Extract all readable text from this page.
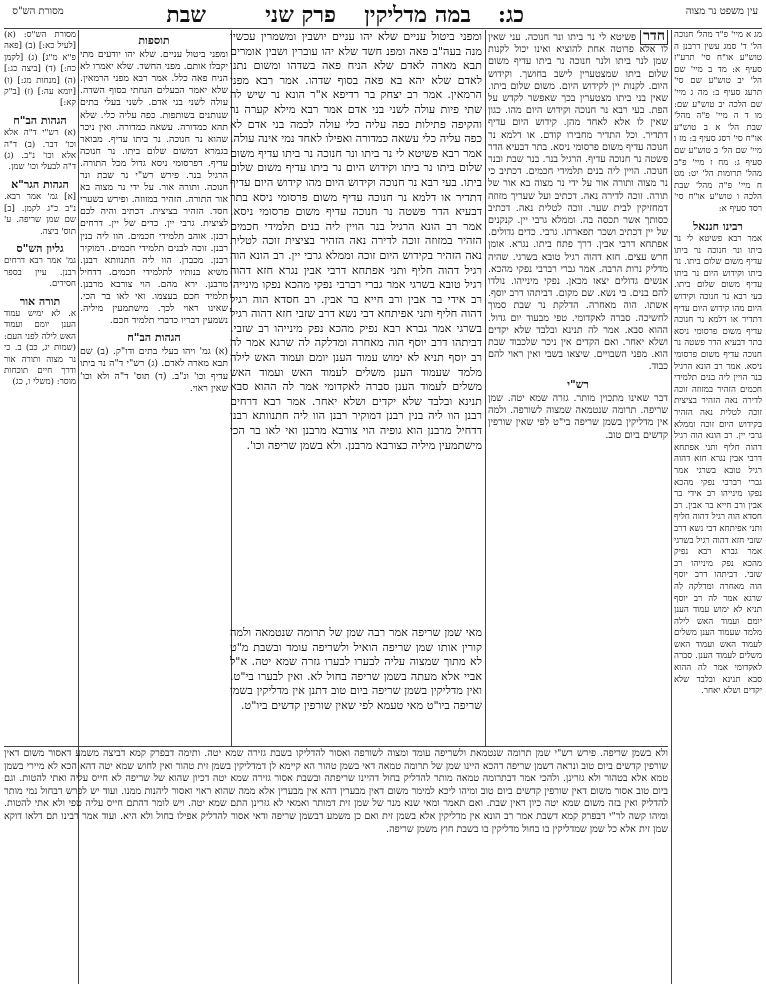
עין משפט נר מצוה
כג:
במה מדליקין
פרק שני
שבת
מסורת הש"ס
מג א מיי' פ"ד מהל' חנוכה הל' ד' סמג עשין דרבנן ה טוש"ע או"ח סי' תרע"ז סעיף א: מד ב מיי' שם הל' יב טוש"ע שם סי' תרעג סעיף ב: מה ג מיי' שם הלכה יב טוש"ע שם: מו ד ה מיי' פ"ה מהל' שבת הל' א ב טוש"ע או"ח סי' רסג סעיף ב: מז ו מיי' שם הל' ב טוש"ע שם סעיף ג: מח ז מיי' פ"ב מהל' תרומות הל' יט: מט ח מיי' פ"ה מהל' שבת הלכה ו טוש"ע או"ח סי' רסד סעיף א:
רבינו חננאל
אמר רבא פשיטא לי נר ביתו ונר חנוכה נר ביתו עדיף משום שלום ביתו. נר ביתו וקידוש היום נר ביתו עדיף משום שלום ביתו. בעי רבא נר חנוכה וקידוש היום מהו קידוש היום עדיף דתדיר או דלמא נר חנוכה עדיף משום פרסומי ניסא בתר דבעיא הדר פשטה נר חנוכה עדיף משום פרסומי ניסא. אמר רב הונא הרגיל בנר הויין ליה בנים תלמידי חכמים הזהיר במזוזה זוכה לדירה נאה הזהיר בציצית זוכה לטלית נאה הזהיר בקידוש היום זוכה וממלא גרבי יין. רב הונא הוה רגיל דהוה חליף ותני אפתחא דרבי אבין נגרא חזא דהוה רגיל טובא בשרגי אמר גברי רברבי נפקי מהכא נפקו מינייהו רב אידי בר אבין ורב חייא בר אבין. רב חסדא הוה רגיל דהוה חליף ותני אפיתחא דבי נשא דרב שזבי חזא דהוה רגיל בשרגי אמר גברא רבא נפיק מהכא נפק מינייהו רב שזבי. דביתהו דרב יוסף הוה מאחרה ומדלקה לה שרגא אמר לה רב יוסף תניא לא ימוש עמוד הענן יומם ועמוד האש לילה מלמד שעמוד הענן משלים לעמוד האש ועמוד האש משלים לעמוד הענן. סברה לאקדומי אמר לה ההוא סבא תנינא ובלבד שלא יקדים ושלא יאחר.
חדר פשיטא לי נר ביתו ונר חנוכה. עני שאין לו אלא פרוטה אחת להוציא ואינו יכול לקנות שמן לנר ביתו ולנר חנוכה נר ביתו עדיף משום שלום ביתו שמצטערין לישב בחושך. וקידוש היום. לקנות יין לקידוש היום. משום שלום ביתו. שאין בני ביתו מצטערין בכך שאפשר לקדש על הפת. בעי רבא נר חנוכה וקידוש היום מהו. כגון שאין לו אלא לאחד מהן. קידוש היום עדיף דתדיר. וכל התדיר מחבירו קודם. או דלמא נר חנוכה עדיף משום פרסומי ניסא. בתר דבעיא הדר פשטה נר חנוכה עדיף. הרגיל בנר. בנר שבת ובנר חנוכה. הויין ליה בנים תלמידי חכמים. דכתיב כי נר מצוה ותורה אור על ידי נר מצוה בא אור של תורה. זוכה לדירה נאה. דכתיב ועל שעריך מזוזה דמחזיקין לבית שער. זוכה לטלית נאה. דכתיב כסותך אשר תכסה בה. וממלא גרבי יין. קנקנים של יין דכתיב ושכר תפארתו. גרבי. כדים גדולים. אפתחא דרבי אבין. דרך פתח ביתו. נגרא. אומן חרש עצים. חזא דהוה רגיל טובא בשרגי. שהיה מדליק נרות הרבה. אמר גברי רברבי נפקי מהכא. אנשים גדולים יצאו מכאן. נפקי מינייהו. נולדו להם בנים. בי נשא. שם מקום. דביתהו דרב יוסף. אשתו. הוה מאחרה. הדלקת נר שבת סמוך לחשיכה. סברה לאקדומי. טפי מבעוד יום גדול. ההוא סבא. אמר לה תנינא ובלבד שלא יקדים ושלא יאחר. ואם הקדים אין ניכר שלכבוד שבת הוא. מפני השבויים. שיצאו בשבי ואין ראוי להם כבוד.
רש"י
דבר שאינו מתכוין מותר. גזרה שמא יטה. שמן שריפה. תרומה שנטמאה שמצוה לשורפה. ולמה אין מדליקין בשמן שריפה בי"ט לפי שאין שורפין קדשים ביום טוב.
ומפני ביטול עניים שלא יהו עניים יושבין ומשמרין עכשיו מנה בעה"ב פאה ומפנ חשד שלא יהו עוברין ושבין אומרים תבא מארה לאדם שלא הניח פאה בשדהו ומשום נתנו לאדם שלא יהא בא פאה בסוף שדהו. אמר רבא מפני הרמאין. אמר רב יצחק בר רדיפא א"ר הונא נר שיש לה שתי פיות עולה לשני בני אדם אמר רבא מילא קערה נר והקיפה פתילות כפה עליה כלי עולה לכמה בני אדם לא כפה עליה כלי עשאה כמדורה ואפילו לאחד נמי אינה עולה. אמר רבא פשיטא לי נר ביתו ונר חנוכה נר ביתו עדיף משום שלום ביתו נר ביתו וקידוש היום נר ביתו עדיף משום שלום ביתו. בעי רבא נר חנוכה וקידוש היום מהו קידוש היום עדיף דתדיר או דלמא נר חנוכה עדיף משום פרסומי ניסא בתר דבעיא הדר פשטה נר חנוכה עדיף משום פרסומי ניסא. אמר רב הונא הרגיל בנר הויין ליה בנים תלמידי חכמים הזהיר במזוזה זוכה לדירה נאה הזהיר בציצית זוכה לטלית נאה הזהיר בקידוש היום זוכה וממלא גרבי יין. רב הונא הוה רגיל דהוה חליף ותני אפתחא דרבי אבין נגרא חזא דהוה רגיל טובא בשרגי אמר גברי רברבי נפקי מהכא נפקו מינייהו רב אידי בר אבין ורב חייא בר אבין. רב חסדא הוה רגיל דהוה חליף ותני אפיתחא דבי נשא דרב שזבי חזא דהוה רגיל בשרגי אמר גברא רבא נפיק מהכא נפק מינייהו רב שזבי. דביתהו דרב יוסף הוה מאחרה ומדלקה לה שרגא אמר לה רב יוסף תניא לא ימוש עמוד הענן יומם ועמוד האש לילה מלמד שעמוד הענן משלים לעמוד האש ועמוד האש משלים לעמוד הענן סברה לאקדומי אמר לה ההוא סבא תנינא ובלבד שלא יקדים ושלא יאחר. אמר רבא דרחים רבנן הוו ליה בנין רבנן דמוקיר רבנן הוו ליה חתנוותא רבנן דדחיל מרבנן הוא גופיה הוי צורבא מרבנן ואי לאו בר הכי מישתמעין מיליה כצורבא מרבנן. ולא בשמן שריפה וכו'.
מאי שמן שריפה אמר רבה שמן של תרומה שנטמאה ולמה קורין אותו שמן שריפה הואיל ולשריפה עומד ובשבת מ"ט לא מתוך שמצוה עליה לבערו לבערו גזרה שמא יטה. א"ל אביי אלא מעתה בשמן שריפה בחול לא. ואין לבערו בי"ט. ואין מדליקין בשמן שריפה ביום טוב דתנן אין מדליקין בשמן שריפה ביו"ט מאי טעמא לפי שאין שורפין קדשים ביו"ט.
תוספות
ומפני ביטול עניים. שלא יהו יודעים מתי יקבלו אותם. מפני החשד. שלא יאמרו לא הניח פאה כלל. אמר רבא מפני הרמאין. שלא יאמר הבעלים הנחתי בסוף השדה. עולה לשני בני אדם. לשני בעלי בתים שנותנים בשותפות. כפה עליה כלי. שלא תהא כמדורה. עשאה כמדורה. ואין ניכר שהוא נר חנוכה. נר ביתו עדיף. מבואר בגמרא דמשום שלום ביתו. נר חנוכה עדיף. דפרסומי ניסא גדול מכל התורה. הרגיל בנר. פירש רש"י נר שבת ונר חנוכה. ותורה אור. על ידי נר מצוה בא אור התורה. הזהיר במזוזה. ופירש בשערי חסד. הזהיר בציצית. דכתיב והיה לכם לציצית. גרבי יין. כדים של יין. דרחים רבנן. אוהב תלמידי חכמים. הוו ליה בנין רבנן. זוכה לבנים תלמידי חכמים. דמוקיר רבנן. מכבדן. הוו ליה חתנוותא רבנן. משיא בנותיו לתלמידי חכמים. דדחיל מרבנן. ירא מהם. הוי צורבא מרבנן. תלמיד חכם בעצמו. ואי לאו בר הכי. שאינו ראוי לכך. מישתמעין מיליה. נשמעין דבריו כדברי תלמיד חכם.
הגהות הב"ח
(א) גמ' ויהו בעלי בתים ודו"ק. (ב) שם תבא מארה לאדם. (ג) רש"י ד"ה נר ביתו עדיף וכו' ונ"ב. (ד) תוס' ד"ה ולא וכו' שאין ראוי.
מסורת הש"ס: (א) [לעיל כא:] (ב) [פאה פ"א מ"ג] (ג) [לקמן כח:] (ד) [ביצה כג:] (ה) [מנחות מג:] (ו) [יומא עה:] (ז) [ב"ק קא:]
הגהות הב"ח
(א) רש"י ד"ה אלא וכו' דבר. (ב) ד"ה אלא וכו' נ"ב. (ג) ד"ה לבעלי וכו' שמן.
הגהות הגר"א
[א] גמ' אמר רבא. נ"ב כ"ג לקמן. [ב] שם שמן שריפה. ע' תוס' ביצה.
גליון הש"ס
גמ' אמר רבא דרחים רבנן. עיין בספר חסידים.
תורה אור
א. לא ימיש עמוד הענן יומם ועמוד האש לילה לפני העם: (שמות יג, כב) ב. כי נר מצוה ותורה אור ודרך חיים תוכחות מוסר: (משלי ו, כג)
ולא בשמן שריפה. פירש רש"י שמן תרומה שנטמאת ולשריפה עומד ומצוה לשורפה ואסור להדליקו בשבת גזירה שמא יטה. ותימה דבפרק קמא דביצה משמע דאסור משום דאין שורפין קדשים ביום טוב ונראה דשמן שריפה דהכא היינו שמן של תרומה טמאה דאי בשמן טהור הא קיימא לן דמדליקין בשמן זית טהור ואין לחוש שמא יטה דהא הכא לא מיירי בשמן טמא אלא בטהור ולא גזרינן. ולהכי אמר דבתרומה טמאה מותר להדליק בחול דהיינו שריפתה ובשבת אסור גזירה שמא יטה דכיון שהוא של שריפה לא חייס עליה ואתי להטות. וגם ביום טוב אסור משום דאין שורפין קדשים ביום טוב ומיהו ליכא למימר משום דאין מבערין דהא אין מבערין אלא ממה שהוא ראוי ואסור ליהנות ממנו. ועוד יש לפרש דבחול נמי מותר להדליק ואין בזה משום שמא יטה כיון דאין שבת. ואם תאמר ומאי שנא מנר של שמן זית דמותר ואמאי לא גזרינן התם שמא יטה. ויש לומר דהתם חייס עליה טפי ולא אתי להטות. ומיהו קשה לר"י דבפרק קמא דשבת אמר רב הונא אין מדליקין אלא בשמן זית ואם כן משמע דבשמן שריפה ודאי אסור להדליק אפילו בחול ולא היא. ועוד אמר רבינו תם דלאו דוקא שמן זית אלא כל שמן שמדליקין בו בחול מדליקין בו בשבת חוץ משמן שריפה.
